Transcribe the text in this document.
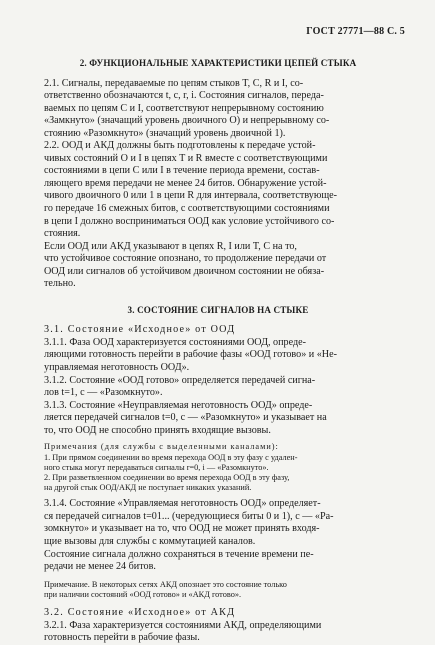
ГОСТ 27771—88 С. 5
2. ФУНКЦИОНАЛЬНЫЕ ХАРАКТЕРИСТИКИ ЦЕПЕЙ СТЫКА
2.1. Сигналы, передаваемые по цепям стыков T, C, R и I, со-
ответственно обозначаются t, c, r, i. Состояния сигналов, переда-
ваемых по цепям C и I, соответствуют непрерывному состоянию
«Замкнуто» (значащий уровень двоичного О) и непрерывному со-
стоянию «Разомкнуто» (значащий уровень двоичной 1).
2.2. ООД и АКД должны быть подготовлены к передаче устой-
чивых состояний О и I в цепях T и R вместе с соответствующими
состояниями в цепи C или I в течение периода времени, состав-
ляющего время передачи не менее 24 битов. Обнаружение устой-
чивого двоичного 0 или 1 в цепи R для интервала, соответствующе-
го передаче 16 смежных битов, с соответствующими состояниями
в цепи I должно восприниматься ООД как условие устойчивого со-
стояния.
Если ООД или АКД указывают в цепях R, I или T, C на то,
что устойчивое состояние опознано, то продолжение передачи от
ООД или сигналов об устойчивом двоичном состоянии не обяза-
тельно.
3. СОСТОЯНИЕ СИГНАЛОВ НА СТЫКЕ
3.1. Состояние «Исходное» от ООД
3.1.1. Фаза ООД характеризуется состояниями ООД, опреде-
ляющими готовность перейти в рабочие фазы «ООД готово» и «Не-
управляемая неготовность ООД».
3.1.2. Состояние «ООД готово» определяется передачей сигна-
лов t=1, c — «Разомкнуто».
3.1.3. Состояние «Неуправляемая неготовность ООД» опреде-
ляется передачей сигналов t=0, c — «Разомкнуто» и указывает на
то, что ООД не способно принять входящие вызовы.
Примечания (для службы с выделенными каналами):
1. При прямом соединении во время перехода ООД в эту фазу с удален-
ного стыка могут передаваться сигналы r=0, i — «Разомкнуто».
2. При разветвленном соединении во время перехода ООД в эту фазу,
на другой стык ООД/АКД не поступает никаких указаний.
3.1.4. Состояние «Управляемая неготовность ООД» определяет-
ся передачей сигналов t=01... (чередующиеся биты 0 и 1), c — «Ра-
зомкнуто» и указывает на то, что ООД не может принять входя-
щие вызовы для службы с коммутацией каналов.
Состояние сигнала должно сохраняться в течение времени пе-
редачи не менее 24 битов.
Примечание. В некоторых сетях АКД опознает это состояние только
при наличии состояний «ООД готово» и «АКД готово».
3.2. Состояние «Исходное» от АКД
3.2.1. Фаза характеризуется состояниями АКД, определяющими
готовность перейти в рабочие фазы.
